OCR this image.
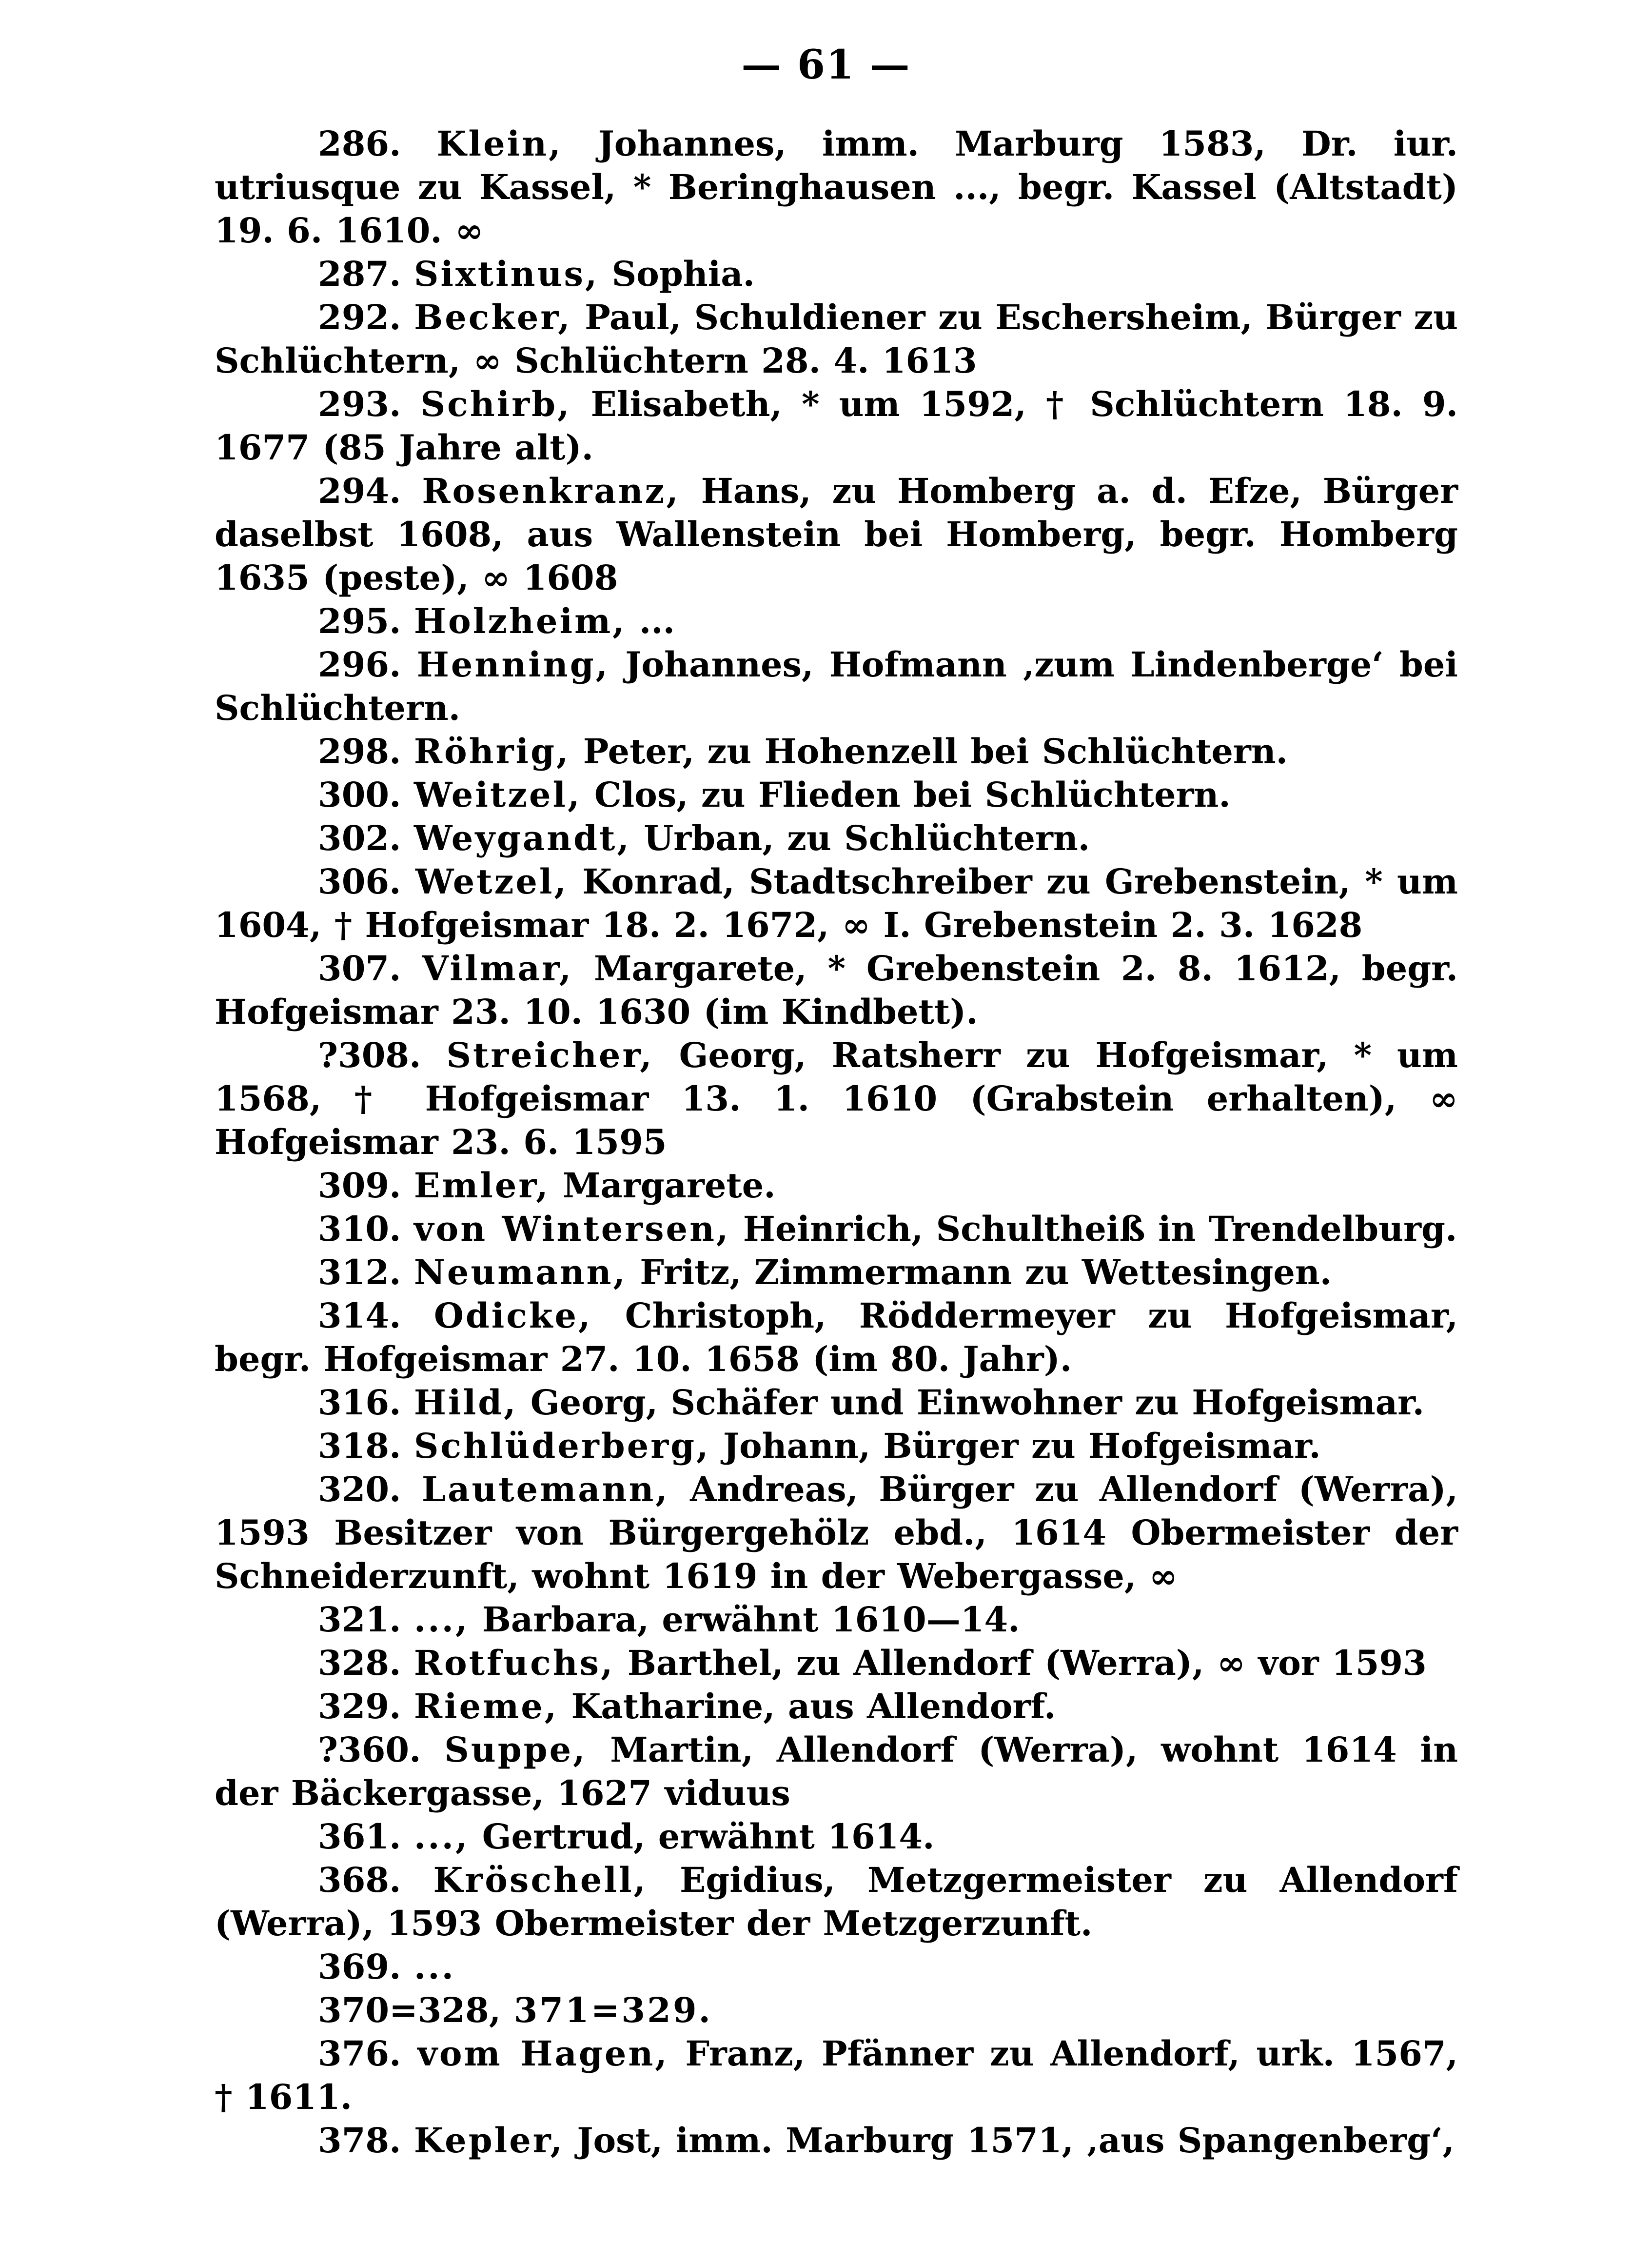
— 61 —

286. Klein, Johannes, imm. Marburg 1583, Dr. iur. utriusque zu Kassel, * Beringhausen ..., begr. Kassel (Altstadt) 19. 6. 1610. ∞

287. Sixtinus, Sophia.

292. Becker, Paul, Schuldiener zu Eschersheim, Bürger zu Schlüchtern, ∞ Schlüchtern 28. 4. 1613

293. Schirb, Elisabeth, * um 1592, † Schlüchtern 18. 9. 1677 (85 Jahre alt).

294. Rosenkranz, Hans, zu Homberg a. d. Efze, Bürger daselbst 1608, aus Wallenstein bei Homberg, begr. Homberg 1635 (peste), ∞ 1608

295. Holzheim, ...

296. Henning, Johannes, Hofmann ‚zum Lindenberge‘ bei Schlüchtern.

298. Röhrig, Peter, zu Hohenzell bei Schlüchtern.

300. Weitzel, Clos, zu Flieden bei Schlüchtern.

302. Weygandt, Urban, zu Schlüchtern.

306. Wetzel, Konrad, Stadtschreiber zu Grebenstein, * um 1604, † Hofgeismar 18. 2. 1672, ∞ I. Grebenstein 2. 3. 1628

307. Vilmar, Margarete, * Grebenstein 2. 8. 1612, begr. Hofgeismar 23. 10. 1630 (im Kindbett).

?308. Streicher, Georg, Ratsherr zu Hofgeismar, * um 1568, † Hofgeismar 13. 1. 1610 (Grabstein erhalten), ∞ Hofgeismar 23. 6. 1595

309. Emler, Margarete.

310. von Wintersen, Heinrich, Schultheiß in Trendelburg.

312. Neumann, Fritz, Zimmermann zu Wettesingen.

314. Odicke, Christoph, Röddermeyer zu Hofgeismar, begr. Hofgeismar 27. 10. 1658 (im 80. Jahr).

316. Hild, Georg, Schäfer und Einwohner zu Hofgeismar.

318. Schlüderberg, Johann, Bürger zu Hofgeismar.

320. Lautemann, Andreas, Bürger zu Allendorf (Werra), 1593 Besitzer von Bürgergehölz ebd., 1614 Obermeister der Schneiderzunft, wohnt 1619 in der Webergasse, ∞

321. ..., Barbara, erwähnt 1610—14.

328. Rotfuchs, Barthel, zu Allendorf (Werra), ∞ vor 1593

329. Rieme, Katharine, aus Allendorf.

?360. Suppe, Martin, Allendorf (Werra), wohnt 1614 in der Bäckergasse, 1627 viduus

361. ..., Gertrud, erwähnt 1614.

368. Kröschell, Egidius, Metzgermeister zu Allendorf (Werra), 1593 Obermeister der Metzgerzunft.

369. ...

370=328, 371=329.

376. vom Hagen, Franz, Pfänner zu Allendorf, urk. 1567, † 1611.

378. Kepler, Jost, imm. Marburg 1571, ‚aus Spangenberg‘,
